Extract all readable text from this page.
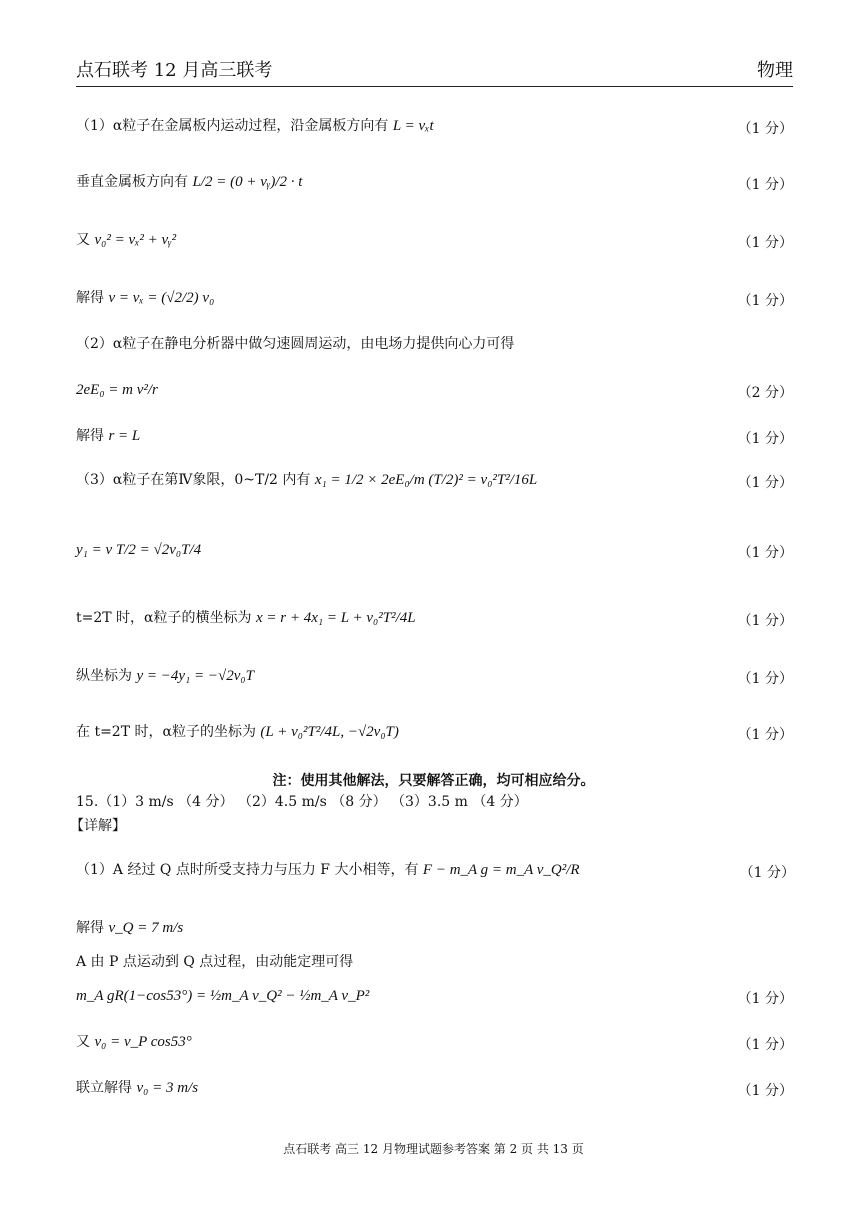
点石联考 12 月高三联考	物理
（1）α粒子在金属板内运动过程，沿金属板方向有 L = vₓt	（1 分）
垂直金属板方向有 L/2 = (0 + vᵧ)/2 · t	（1 分）
又 v₀² = vₓ² + vᵧ²	（1 分）
解得 v = vₓ = (√2/2) v₀	（1 分）
（2）α粒子在静电分析器中做匀速圆周运动，由电场力提供向心力可得
2eE₀ = m v²/r	（2 分）
解得 r = L	（1 分）
（3）α粒子在第Ⅳ象限，0~T/2 内有 x₁ = 1/2 × 2eE₀/m (T/2)² = v₀²T²/16L	（1 分）
y₁ = v T/2 = √2v₀T/4	（1 分）
t=2T 时，α粒子的横坐标为 x = r + 4x₁ = L + v₀²T²/4L	（1 分）
纵坐标为 y = −4y₁ = −√2v₀T	（1 分）
在 t=2T 时，α粒子的坐标为 (L + v₀²T²/4L, −√2v₀T)	（1 分）
注：使用其他解法，只要解答正确，均可相应给分。
15.（1）3 m/s （4 分） （2）4.5 m/s （8 分） （3）3.5 m （4 分）
【详解】
（1）A 经过 Q 点时所受支持力与压力 F 大小相等，有 F − m_A g = m_A v_Q²/R	（1 分）
解得 v_Q = 7 m/s
A 由 P 点运动到 Q 点过程，由动能定理可得
m_A gR(1−cos53°) = ½m_A v_Q² − ½m_A v_P²	（1 分）
又 v₀ = v_P cos53°	（1 分）
联立解得 v₀ = 3 m/s	（1 分）
点石联考 高三 12 月物理试题参考答案 第 2 页 共 13 页
